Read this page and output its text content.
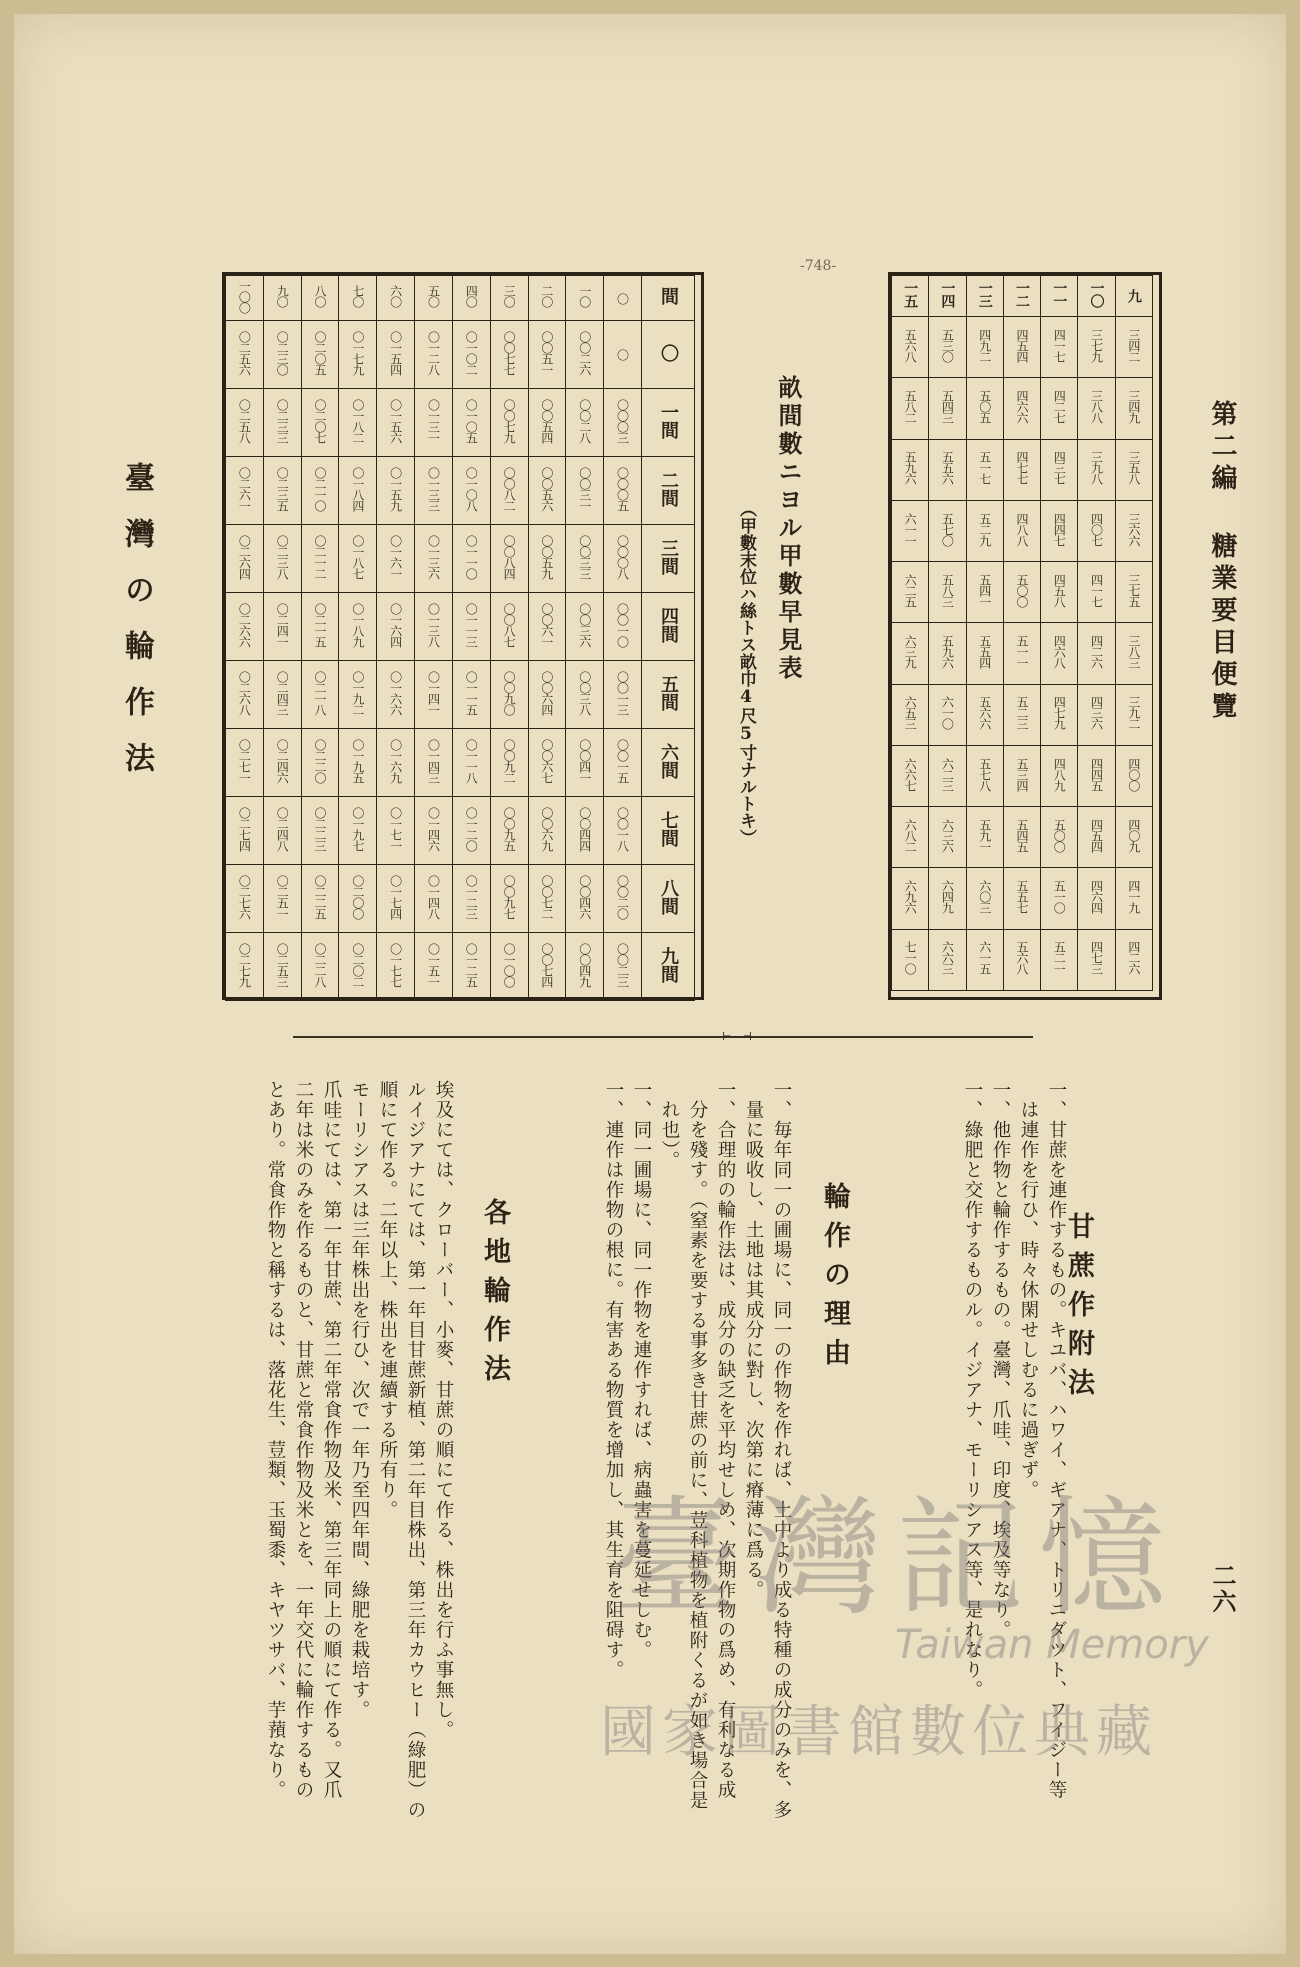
第二編 糖業要目便覽
-748-
一五	一四	一三	一二	一一	一〇	九
五六八	五三〇	四九二	四五四	四一七	三七九	三四二
五八二	五四三	五〇五	四六六	四二七	三八八	三四九
五九六	五五六	五一七	四七七	四三七	三九八	三五八
六一一	五七〇	五二九	四八八	四四七	四〇七	三六六
六二五	五八三	五四一	五〇〇	四五八	四一七	三七五
六三九	五九六	五五四	五一一	四六八	四二六	三八三
六五三	六一〇	五六六	五二三	四七九	四三六	三九二
六六七	六二三	五七八	五三四	四八九	四四五	四〇〇
六八二	六三六	五九一	五四五	五〇〇	四五四	四〇九
六九六	六四九	六〇三	五五七	五一〇	四六四	四一九
七一〇	六六三	六一五	五六八	五二一	四七三	四二六
畝間數ニヨル甲數早見表
（甲數末位ハ絲トス畝巾4尺5寸ナルトキ）
一〇〇	九〇	八〇	七〇	六〇	五〇	四〇	三〇	二〇	一〇	〇	間
〇二五六	〇二三〇	〇二〇五	〇一七九	〇一五四	〇一二八	〇一〇二	〇〇七七	〇〇五一	〇〇二六	〇	〇
〇二五八	〇二三三	〇二〇七	〇一八二	〇一五六	〇一三一	〇一〇五	〇〇七九	〇〇五四	〇〇二八	〇〇〇三	一間
〇二六一	〇二三五	〇二一〇	〇一八四	〇一五九	〇一三三	〇一〇八	〇〇八二	〇〇五六	〇〇三一	〇〇〇五	二間
〇二六四	〇二三八	〇二一二	〇一八七	〇一六一	〇一三六	〇一一〇	〇〇八四	〇〇五九	〇〇三三	〇〇〇八	三間
〇二六六	〇二四一	〇二一五	〇一八九	〇一六四	〇一三八	〇一一三	〇〇八七	〇〇六一	〇〇三六	〇〇一〇	四間
〇二六八	〇二四三	〇二一八	〇一九二	〇一六六	〇一四一	〇一一五	〇〇九〇	〇〇六四	〇〇三八	〇〇一三	五間
〇二七一	〇二四六	〇二二〇	〇一九五	〇一六九	〇一四三	〇一一八	〇〇九二	〇〇六七	〇〇四一	〇〇一五	六間
〇二七四	〇二四八	〇二二三	〇一九七	〇一七一	〇一四六	〇一二〇	〇〇九五	〇〇六九	〇〇四四	〇〇一八	七間
〇二七六	〇二五一	〇二二五	〇二〇〇	〇一七四	〇一四八	〇一二三	〇〇九七	〇〇七二	〇〇四六	〇〇二〇	八間
〇二七九	〇二五三	〇二二八	〇二〇二	〇一七七	〇一五一	〇一二五	〇一〇〇	〇〇七四	〇〇四九	〇〇二三	九間
臺灣の輪作法
⊢—⊣
甘蔗作附法
一、甘蔗を連作するもの。キユバ、ハワイ、ギアナ、トリニダツト、フイジー等
　は連作を行ひ、時々休閑せしむるに過ぎず。
一、他作物と輪作するもの。臺灣、爪哇、印度、埃及等なり。
一、綠肥と交作するものル。イジアナ、モーリシアス等、是れなり。
輪作の理由
一、毎年同一の圃場に、同一の作物を作れば、土中より成る特種の成分のみを、多
　量に吸收し、土地は其成分に對し、次第に瘠薄に爲る。
一、合理的の輪作法は、成分の缺乏を平均せしめ、次期作物の爲め、有利なる成
　分を殘す。（窒素を要する事多き甘蔗の前に、荳科植物を植附くるが如き場合是
　れ也）。
一、同一圃場に、同一作物を連作すれば、病蟲害を蔓延せしむ。
一、連作は作物の根に。有害ある物質を增加し、其生育を阻碍す。
各地輪作法
埃及にては、クローバー、小麥、甘蔗の順にて作る、株出を行ふ事無し。
ルイジアナにては、第一年目甘蔗新植、第二年目株出、第三年カウヒー（綠肥）の
順にて作る。二年以上、株出を連續する所有り。
モーリシアスは三年株出を行ひ、次で一年乃至四年間、綠肥を栽培す。
爪哇にては、第一年甘蔗、第二年常食作物及米、第三年同上の順にて作る。又爪
二年は米のみを作るものと、甘蔗と常食作物及米とを、一年交代に輪作するもの
とあり。常食作物と稱するは、落花生、荳類、玉蜀黍、キヤツサバ、芋蕷なり。	二六
臺灣記憶
Taiwan Memory
國家圖書館數位典藏
